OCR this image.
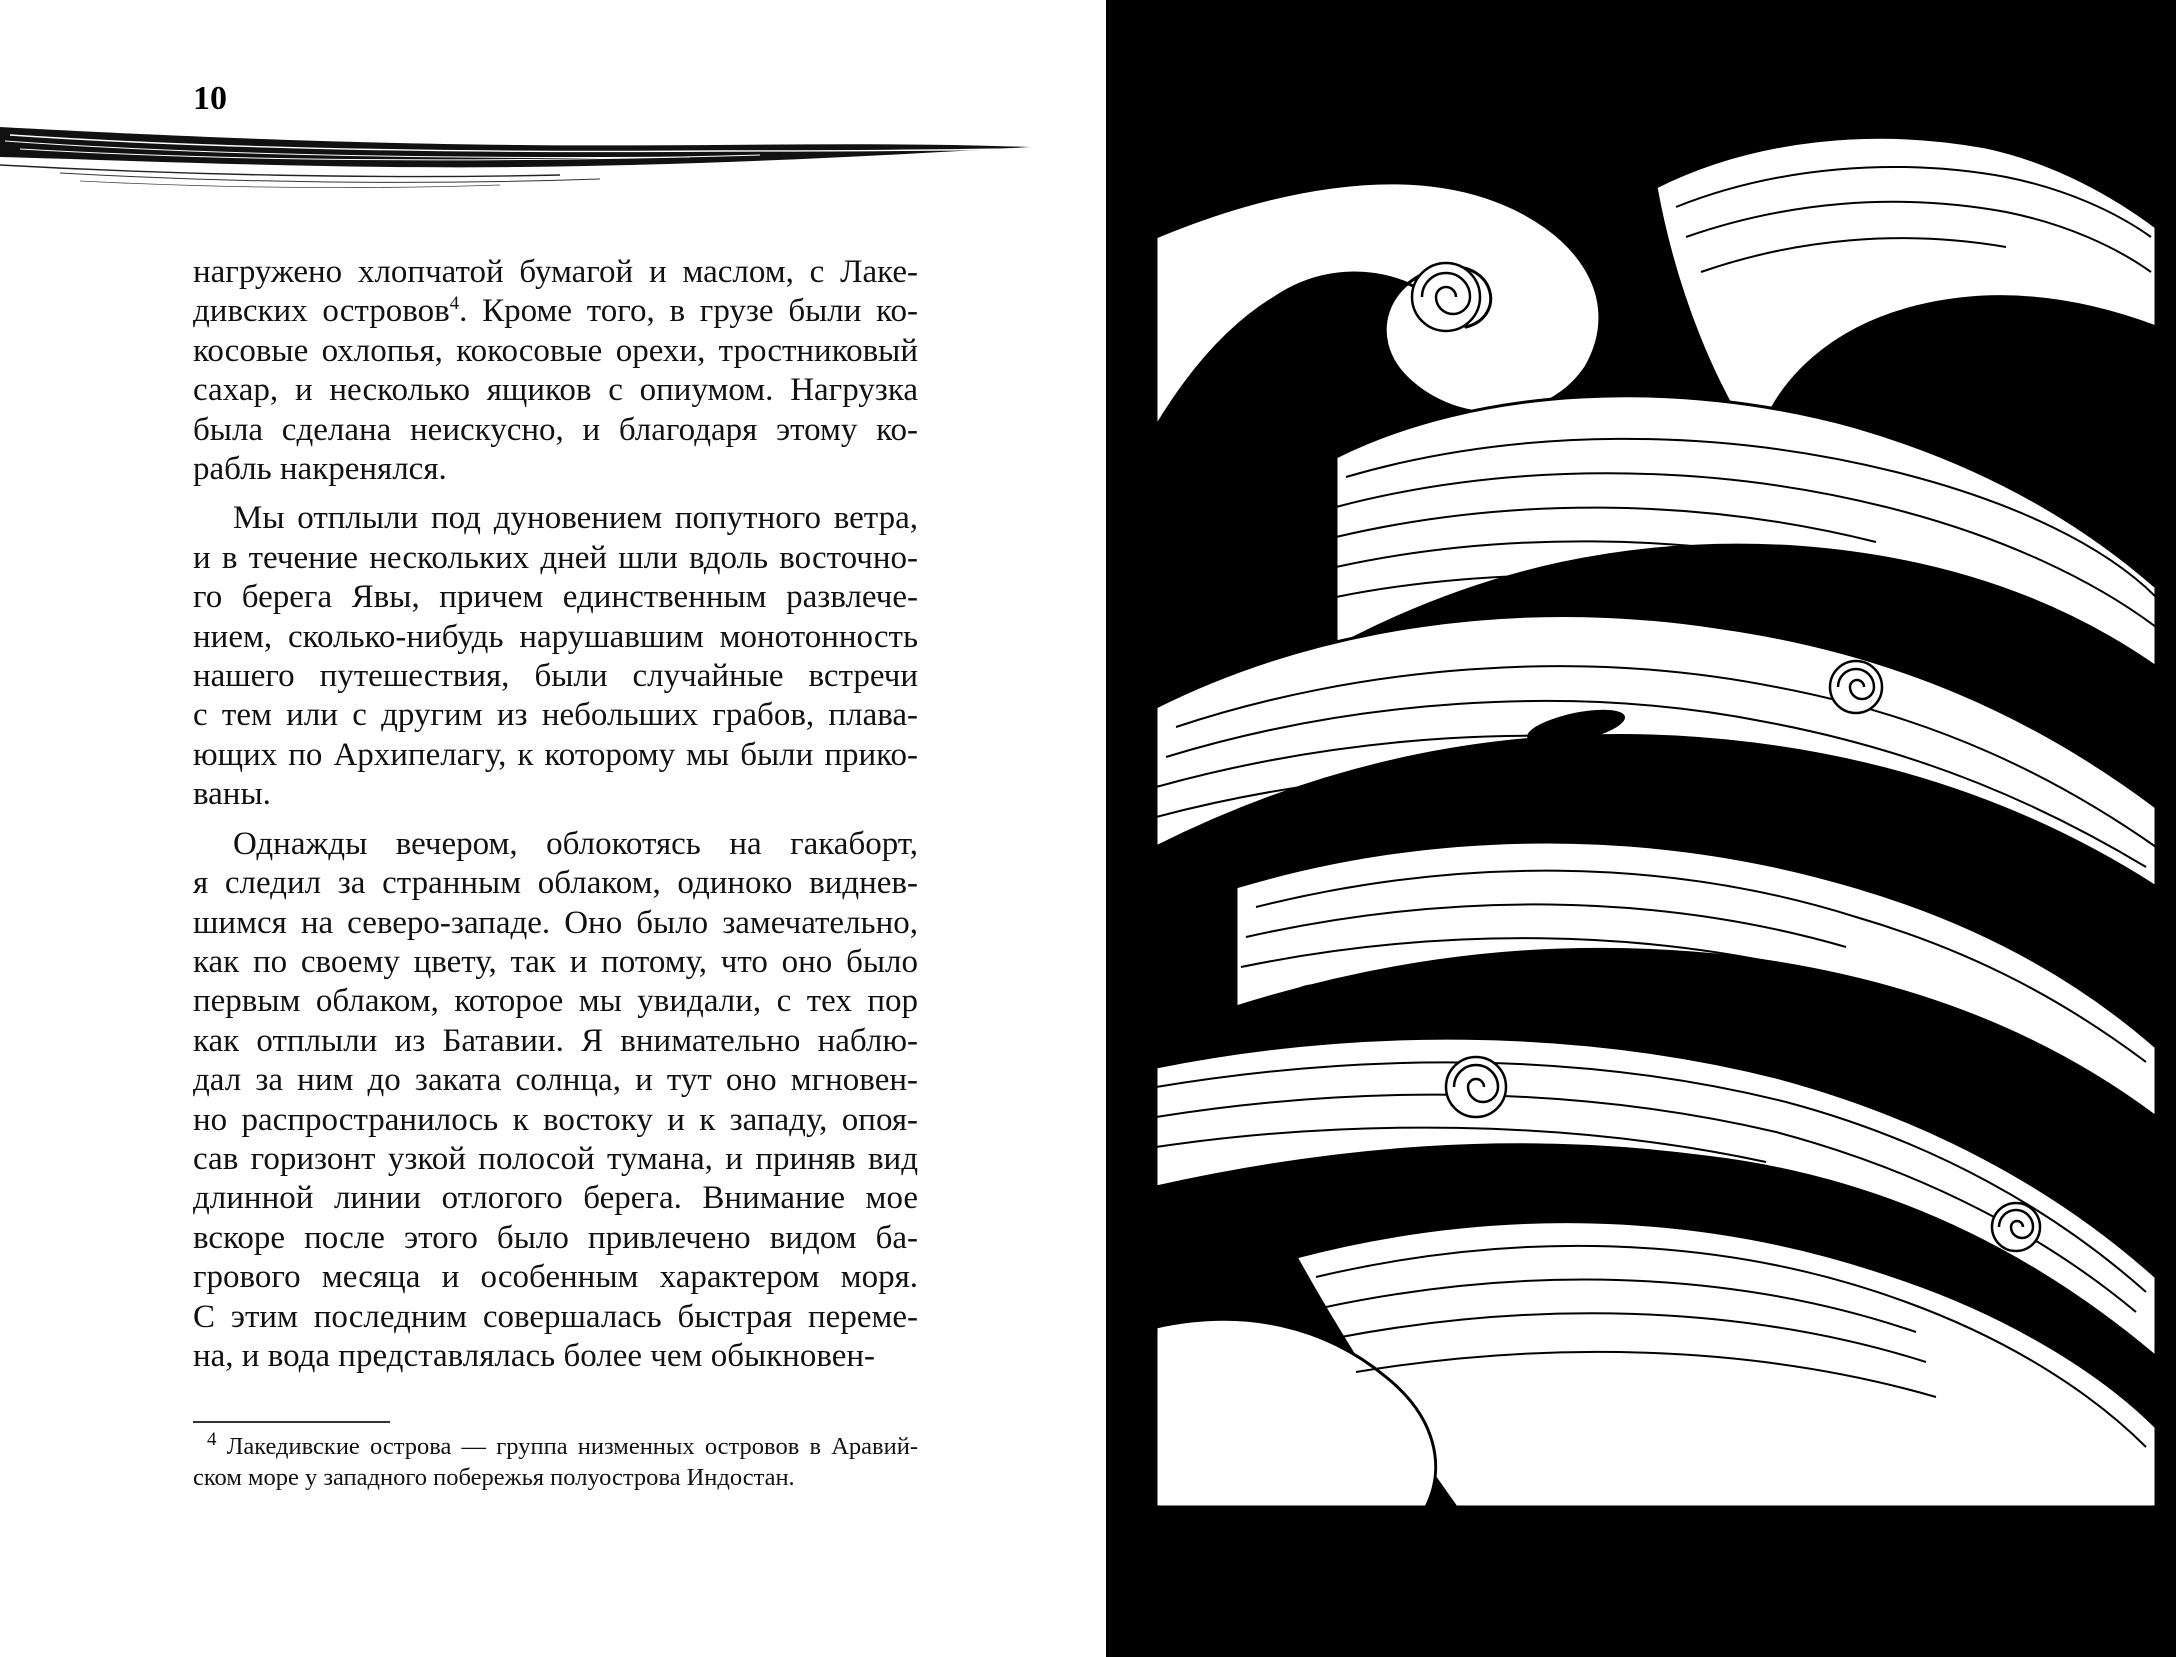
10
нагружено хлопчатой бумагой и маслом, с Лаке-
дивских островов$^4$. Кроме того, в грузе были ко-
косовые охлопья, кокосовые орехи, тростниковый
сахар, и несколько ящиков с опиумом. Нагрузка
была сделана неискусно, и благодаря этому ко-
рабль накренялся.
Мы отплыли под дуновением попутного ветра,
и в течение нескольких дней шли вдоль восточно-
го берега Явы, причем единственным развлече-
нием, сколько-нибудь нарушавшим монотонность
нашего путешествия, были случайные встречи
с тем или с другим из небольших грабов, плава-
ющих по Архипелагу, к которому мы были прико-
ваны.
Однажды вечером, облокотясь на гакаборт,
я следил за странным облаком, одиноко виднев-
шимся на северо-западе. Оно было замечательно,
как по своему цвету, так и потому, что оно было
первым облаком, которое мы увидали, с тех пор
как отплыли из Батавии. Я внимательно наблю-
дал за ним до заката солнца, и тут оно мгновен-
но распространилось к востоку и к западу, опоя-
сав горизонт узкой полосой тумана, и приняв вид
длинной линии отлогого берега. Внимание мое
вскоре после этого было привлечено видом ба-
грового месяца и особенным характером моря.
С этим последним совершалась быстрая переме-
на, и вода представлялась более чем обыкновен-
$^4$ Лакедивские острова — группа низменных островов в Аравий-
ском море у западного побережья полуострова Индостан.
